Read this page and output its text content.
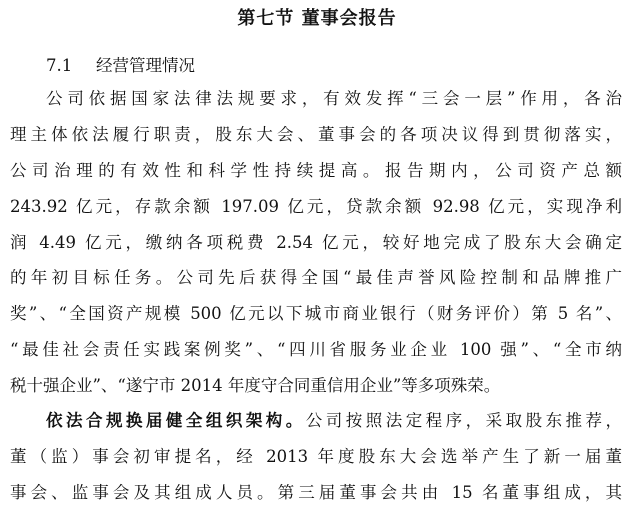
第七节 董事会报告
7.1 经营管理情况
公司依据国家法律法规要求，有效发挥“三会一层”作用，各治
理主体依法履行职责，股东大会、董事会的各项决议得到贯彻落实，
公司治理的有效性和科学性持续提高。报告期内，公司资产总额
243.92 亿元，存款余额 197.09 亿元，贷款余额 92.98 亿元，实现净利
润 4.49 亿元，缴纳各项税费 2.54 亿元，较好地完成了股东大会确定
的年初目标任务。公司先后获得全国“最佳声誉风险控制和品牌推广
奖”、“全国资产规模 500 亿元以下城市商业银行（财务评价）第 5 名”、
“最佳社会责任实践案例奖”、“四川省服务业企业 100 强”、“全市纳
税十强企业”、“遂宁市 2014 年度守合同重信用企业”等多项殊荣。
依法合规换届健全组织架构。公司按照法定程序，采取股东推荐，
董（监）事会初审提名，经 2013 年度股东大会选举产生了新一届董
事会、监事会及其组成人员。第三届董事会共由 15 名董事组成，其
